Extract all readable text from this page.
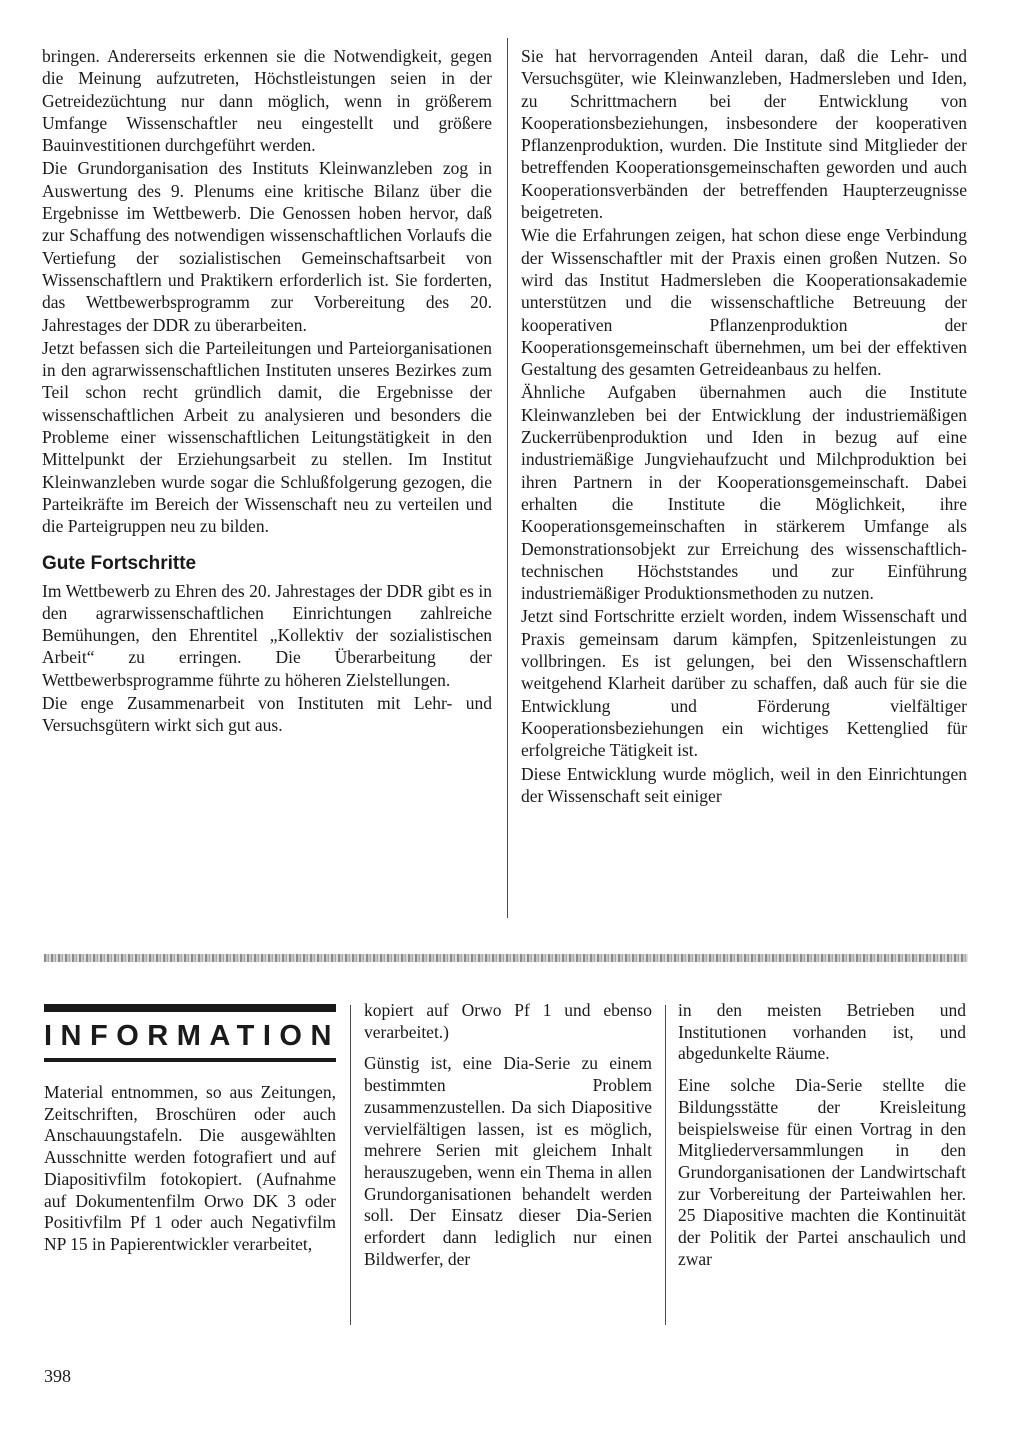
bringen. Andererseits erkennen sie die Notwendigkeit, gegen die Meinung aufzutreten, Höchstleistungen seien in der Getreidezüchtung nur dann möglich, wenn in größerem Umfange Wissenschaftler neu eingestellt und größere Bauinvestitionen durchgeführt werden.

Die Grundorganisation des Instituts Kleinwanzleben zog in Auswertung des 9. Plenums eine kritische Bilanz über die Ergebnisse im Wettbewerb. Die Genossen hoben hervor, daß zur Schaffung des notwendigen wissenschaftlichen Vorlaufs die Vertiefung der sozialistischen Gemeinschaftsarbeit von Wissenschaftlern und Praktikern erforderlich ist. Sie forderten, das Wettbewerbsprogramm zur Vorbereitung des 20. Jahrestages der DDR zu überarbeiten.

Jetzt befassen sich die Parteileitungen und Parteiorganisationen in den agrarwissenschaftlichen Instituten unseres Bezirkes zum Teil schon recht gründlich damit, die Ergebnisse der wissenschaftlichen Arbeit zu analysieren und besonders die Probleme einer wissenschaftlichen Leitungstätigkeit in den Mittelpunkt der Erziehungsarbeit zu stellen. Im Institut Kleinwanzleben wurde sogar die Schlußfolgerung gezogen, die Parteikräfte im Bereich der Wissenschaft neu zu verteilen und die Parteigruppen neu zu bilden.

Gute Fortschritte

Im Wettbewerb zu Ehren des 20. Jahrestages der DDR gibt es in den agrarwissenschaftlichen Einrichtungen zahlreiche Bemühungen, den Ehrentitel „Kollektiv der sozialistischen Arbeit“ zu erringen. Die Überarbeitung der Wettbewerbsprogramme führte zu höheren Zielstellungen.

Die enge Zusammenarbeit von Instituten mit Lehr- und Versuchsgütern wirkt sich gut aus.

Sie hat hervorragenden Anteil daran, daß die Lehr- und Versuchsgüter, wie Kleinwanzleben, Hadmersleben und Iden, zu Schrittmachern bei der Entwicklung von Kooperationsbeziehungen, insbesondere der kooperativen Pflanzenproduktion, wurden. Die Institute sind Mitglieder der betreffenden Kooperationsgemeinschaften geworden und auch Kooperationsverbänden der betreffenden Haupterzeugnisse beigetreten.

Wie die Erfahrungen zeigen, hat schon diese enge Verbindung der Wissenschaftler mit der Praxis einen großen Nutzen. So wird das Institut Hadmersleben die Kooperationsakademie unterstützen und die wissenschaftliche Betreuung der kooperativen Pflanzenproduktion der Kooperationsgemeinschaft übernehmen, um bei der effektiven Gestaltung des gesamten Getreideanbaus zu helfen.

Ähnliche Aufgaben übernahmen auch die Institute Kleinwanzleben bei der Entwicklung der industriemäßigen Zuckerrübenproduktion und Iden in bezug auf eine industriemäßige Jungviehaufzucht und Milchproduktion bei ihren Partnern in der Kooperationsgemeinschaft. Dabei erhalten die Institute die Möglichkeit, ihre Kooperationsgemeinschaften in stärkerem Umfange als Demonstrationsobjekt zur Erreichung des wissenschaftlich-technischen Höchststandes und zur Einführung industriemäßiger Produktionsmethoden zu nutzen.

Jetzt sind Fortschritte erzielt worden, indem Wissenschaft und Praxis gemeinsam darum kämpfen, Spitzenleistungen zu vollbringen. Es ist gelungen, bei den Wissenschaftlern weitgehend Klarheit darüber zu schaffen, daß auch für sie die Entwicklung und Förderung vielfältiger Kooperationsbeziehungen ein wichtiges Kettenglied für erfolgreiche Tätigkeit ist.

Diese Entwicklung wurde möglich, weil in den Einrichtungen der Wissenschaft seit einiger

INFORMATION

Material entnommen, so aus Zeitungen, Zeitschriften, Broschüren oder auch Anschauungstafeln. Die ausgewählten Ausschnitte werden fotografiert und auf Diapositivfilm fotokopiert. (Aufnahme auf Dokumentenfilm Orwo DK 3 oder Positivfilm Pf 1 oder auch Negativfilm NP 15 in Papierentwickler verarbeitet,

kopiert auf Orwo Pf 1 und ebenso verarbeitet.)

Günstig ist, eine Dia-Serie zu einem bestimmten Problem zusammenzustellen. Da sich Diapositive vervielfältigen lassen, ist es möglich, mehrere Serien mit gleichem Inhalt herauszugeben, wenn ein Thema in allen Grundorganisationen behandelt werden soll. Der Einsatz dieser Dia-Serien erfordert dann lediglich nur einen Bildwerfer, der

in den meisten Betrieben und Institutionen vorhanden ist, und abgedunkelte Räume.

Eine solche Dia-Serie stellte die Bildungsstätte der Kreisleitung beispielsweise für einen Vortrag in den Mitgliederversammlungen in den Grundorganisationen der Landwirtschaft zur Vorbereitung der Parteiwahlen her. 25 Diapositive machten die Kontinuität der Politik der Partei anschaulich und zwar

398
